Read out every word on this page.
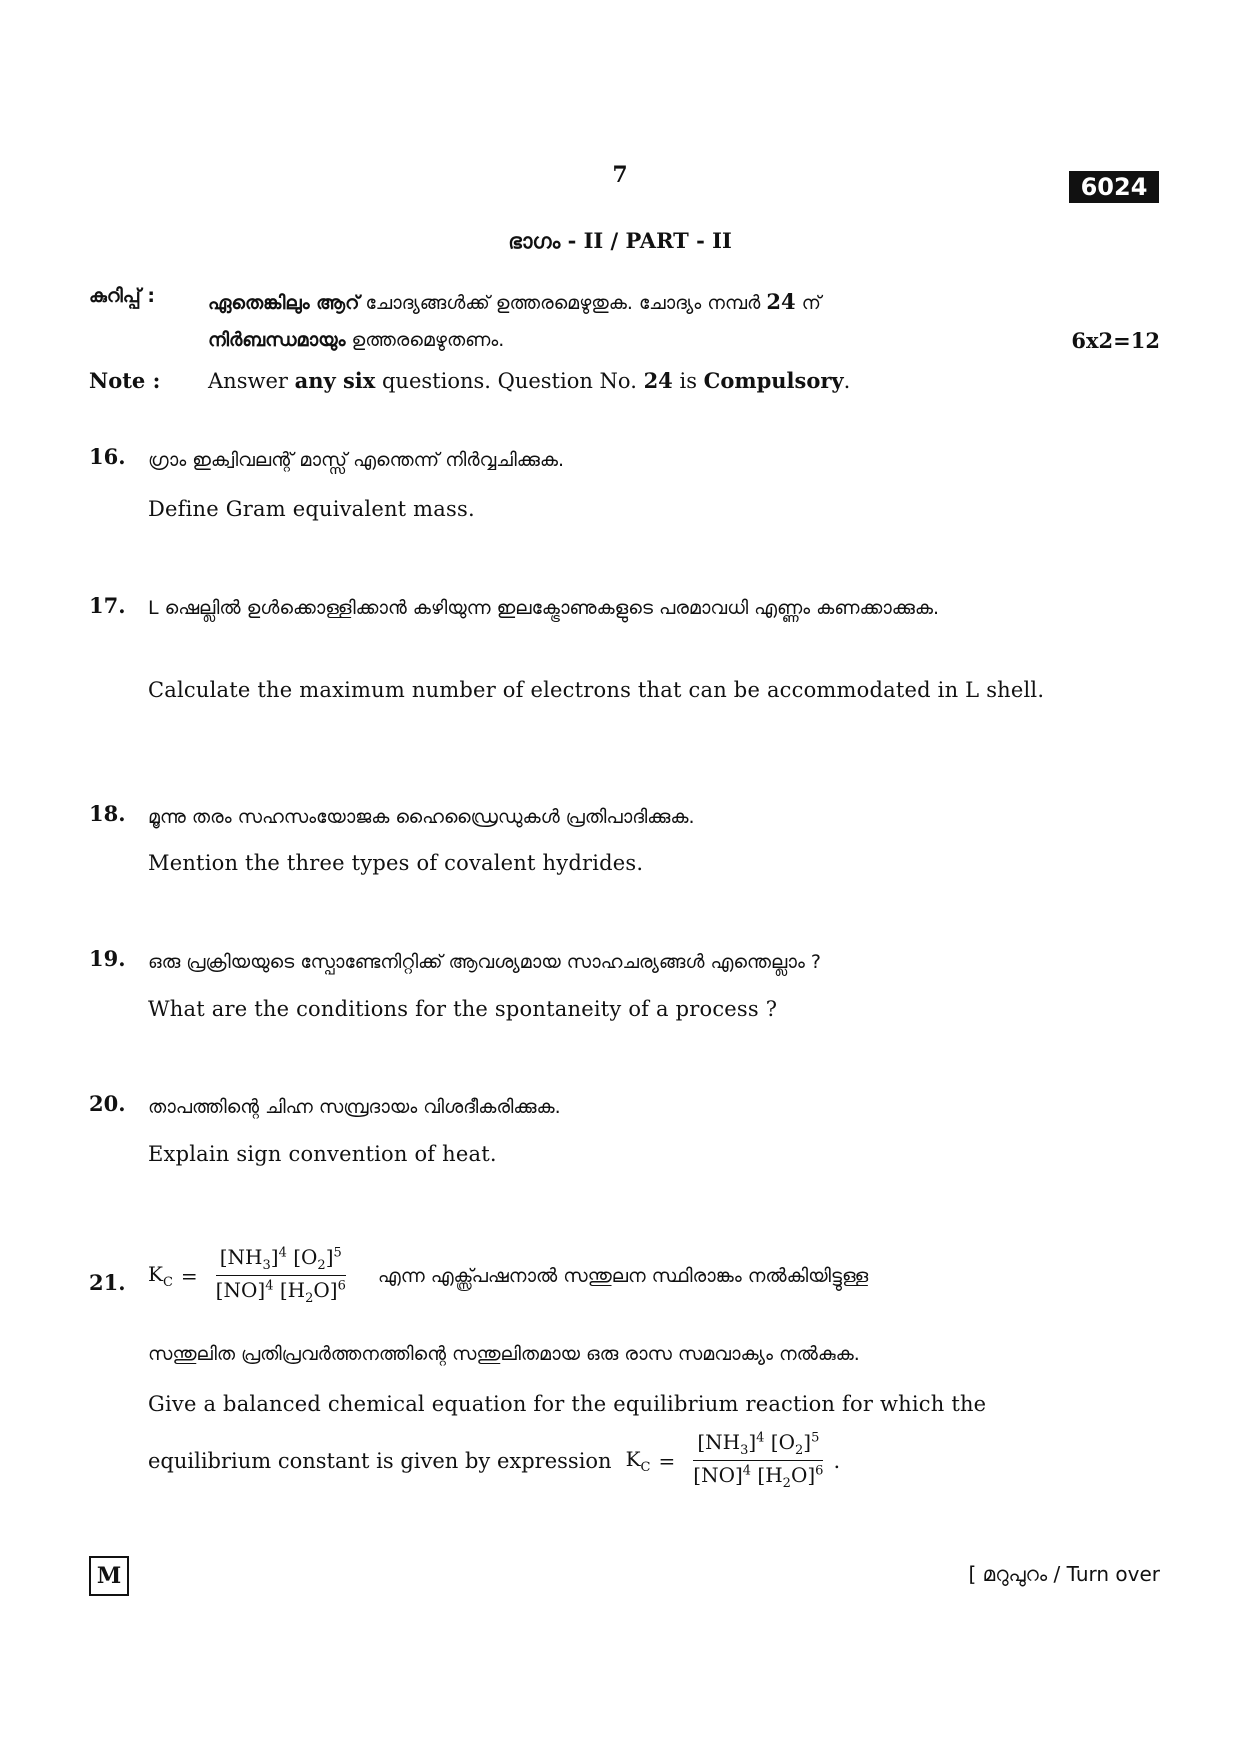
7	6024
ഭാഗം - II / PART - II
കുറിപ്പ് :	ഏതെങ്കിലും ആറ് ചോദ്യങ്ങൾക്ക് ഉത്തരമെഴുതുക. ചോദ്യം നമ്പർ 24 ന്
നിർബന്ധമായും ഉത്തരമെഴുതണം.	6x2=12
Note : Answer any six questions. Question No. 24 is Compulsory.
16. ഗ്രാം ഇക്വിവലന്റ് മാസ്സ് എന്തെന്ന് നിർവ്വചിക്കുക.
Define Gram equivalent mass.
17. L ഷെല്ലിൽ ഉൾക്കൊള്ളിക്കാൻ കഴിയുന്ന ഇലക്ട്രോണുകളുടെ പരമാവധി എണ്ണം കണക്കാക്കുക.
Calculate the maximum number of electrons that can be accommodated in L shell.
18. മൂന്നു തരം സഹസംയോജക ഹൈഡ്രൈഡുകൾ പ്രതിപാദിക്കുക.
Mention the three types of covalent hydrides.
19. ഒരു പ്രക്രിയയുടെ സ്പോണ്ടേനിറ്റിക്ക് ആവശ്യമായ സാഹചര്യങ്ങൾ എന്തെല്ലാം ?
What are the conditions for the spontaneity of a process ?
20. താപത്തിന്റെ ചിഹ്ന സമ്പ്രദായം വിശദീകരിക്കുക.
Explain sign convention of heat.
21. $K_C = \frac{[NH_3]^4 [O_2]^5}{[NO]^4 [H_2O]^6}$ എന്ന എക്സ്പ്രഷനാൽ സന്തുലന സ്ഥിരാങ്കം നൽകിയിട്ടുള്ള
സന്തുലിത പ്രതിപ്രവർത്തനത്തിന്റെ സന്തുലിതമായ ഒരു രാസ സമവാക്യം നൽകുക.
Give a balanced chemical equation for the equilibrium reaction for which the
equilibrium constant is given by expression $K_C = \frac{[NH_3]^4 [O_2]^5}{[NO]^4 [H_2O]^6}$ .
M	[ മറുപുറം / Turn over
